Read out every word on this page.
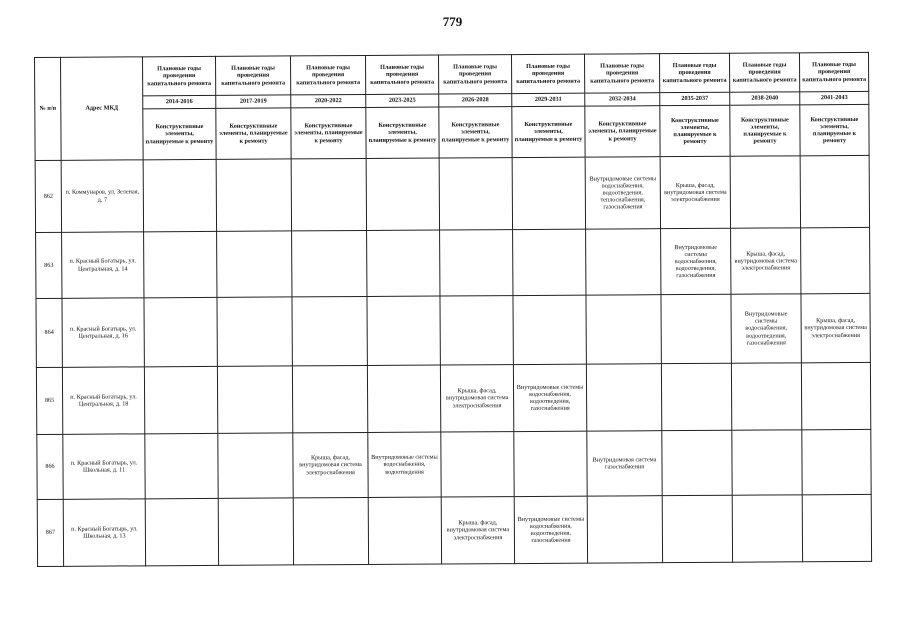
779
№ п/п	Адрес МКД	Плановые годы проведения капитального ремонта	Плановые годы проведения капитального ремонта	Плановые годы проведения капитального ремонта	Плановые годы проведения капитального ремонта	Плановые годы проведения капитального ремонта	Плановые годы проведения капитального ремонта	Плановые годы проведения капитального ремонта	Плановые годы проведения капитального ремонта	Плановые годы проведения капитального ремонта	Плановые годы проведения капитального ремонта
		2014-2016	2017-2019	2020-2022	2023-2025	2026-2028	2029-2031	2032-2034	2035-2037	2038-2040	2041-2043
		Конструктивные элементы, планируемые к ремонту	Конструктивные элементы, планируемые к ремонту	Конструктивные элементы, планируемые к ремонту	Конструктивные элементы, планируемые к ремонту	Конструктивные элементы, планируемые к ремонту	Конструктивные элементы, планируемые к ремонту	Конструктивные элементы, планируемые к ремонту	Конструктивные элементы, планируемые к ремонту	Конструктивные элементы, планируемые к ремонту	Конструктивные элементы, планируемые к ремонту
862	п. Коммунаров, ул. Зеленая, д. 7							Внутридомовые системы водоснабжения, водоотведения, теплоснабжения, газоснабжения	Крыша, фасад, внутридомовая система электроснабжения		
863	п. Красный Богатырь, ул. Центральная, д. 14								Внутридомовые системы водоснабжения, водоотведения, газоснабжения	Крыша, фасад, внутридомовая система электроснабжения	
864	п. Красный Богатырь, ул. Центральная, д. 16									Внутридомовые системы водоснабжения, водоотведения, газоснабжения	Крыша, фасад, внутридомовая система электроснабжения
865	п. Красный Богатырь, ул. Центральная, д. 18					Крыша, фасад, внутридомовая система электроснабжения	Внутридомовые системы водоснабжения, водоотведения, газоснабжения				
866	п. Красный Богатырь, ул. Школьная, д. 11			Крыша, фасад, внутридомовая система электроснабжения	Внутридомовые системы водоснабжения, водоотведения			Внутридомовая система газоснабжения			
867	п. Красный Богатырь, ул. Школьная, д. 13					Крыша, фасад, внутридомовая система электроснабжения	Внутридомовые системы водоснабжения, водоотведения, газоснабжения				
